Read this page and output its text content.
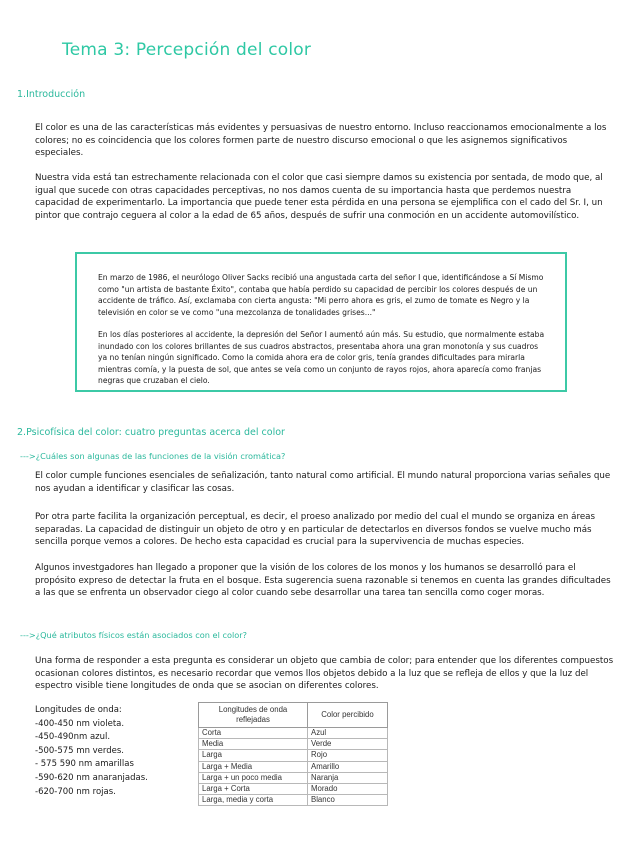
Tema 3: Percepción del color
1.Introducción

El color es una de las características más evidentes y persuasivas de nuestro entorno. Incluso reaccionamos emocionalmente a los colores; no es coincidencia que los colores formen parte de nuestro discurso emocional o que les asignemos significativos especiales.

Nuestra vida está tan estrechamente relacionada con el color que casi siempre damos su existencia por sentada, de modo que, al igual que sucede con otras capacidades perceptivas, no nos damos cuenta de su importancia hasta que perdemos nuestra capacidad de experimentarlo. La importancia que puede tener esta pérdida en una persona se ejemplifica con el cado del Sr. I, un pintor que contrajo ceguera al color a la edad de 65 años, después de sufrir una conmoción en un accidente automovilístico.

En marzo de 1986, el neurólogo Oliver Sacks recibió una angustada carta del señor I que, identificándose a Sí Mismo como "un artista de bastante Éxito", contaba que había perdido su capacidad de percibir los colores después de un accidente de tráfico. Así, exclamaba con cierta angusta: "Mi perro ahora es gris, el zumo de tomate es Negro y la televisión en color se ve como "una mezcolanza de tonalidades grises..."

En los días posteriores al accidente, la depresión del Señor I aumentó aún más. Su estudio, que normalmente estaba inundado con los colores brillantes de sus cuadros abstractos, presentaba ahora una gran monotonía y sus cuadros ya no tenían ningún significado. Como la comida ahora era de color gris, tenía grandes dificultades para mirarla mientras comía, y la puesta de sol, que antes se veía como un conjunto de rayos rojos, ahora aparecía como franjas negras que cruzaban el cielo.

2.Psicofísica del color: cuatro preguntas acerca del color

--->¿Cuáles son algunas de las funciones de la visión cromática?

El color cumple funciones esenciales de señalización, tanto natural como artificial. El mundo natural proporciona varias señales que nos ayudan a identificar y clasificar las cosas.

Por otra parte facilita la organización perceptual, es decir, el proeso analizado por medio del cual el mundo se organiza en áreas separadas. La capacidad de distinguir un objeto de otro y en particular de detectarlos en diversos fondos se vuelve mucho más sencilla porque vemos a colores. De hecho esta capacidad es crucial para la supervivencia de muchas especies.

Algunos investgadores han llegado a proponer que la visión de los colores de los monos y los humanos se desarrolló para el propósito expreso de detectar la fruta en el bosque. Esta sugerencia suena razonable si tenemos en cuenta las grandes dificultades a las que se enfrenta un observador ciego al color cuando sebe desarrollar una tarea tan sencilla como coger moras.

--->¿Qué atributos físicos están asociados con el color?

Una forma de responder a esta pregunta es considerar un objeto que cambia de color; para entender que los diferentes compuestos ocasionan colores distintos, es necesario recordar que vemos llos objetos debido a la luz que se refleja de ellos y que la luz del espectro visible tiene longitudes de onda que se asocian on diferentes colores.

Longitudes de onda:
-400-450 nm violeta.
-450-490nm azul.
-500-575 mn verdes.
- 575 590 nm amarillas
-590-620 nm anaranjadas.
-620-700 nm rojas.
Longitudes de onda reflejadas	Color percibido
Corta	Azul
Media	Verde
Larga	Rojo
Larga + Media	Amarillo
Larga + un poco media	Naranja
Larga + Corta	Morado
Larga, media y corta	Blanco
